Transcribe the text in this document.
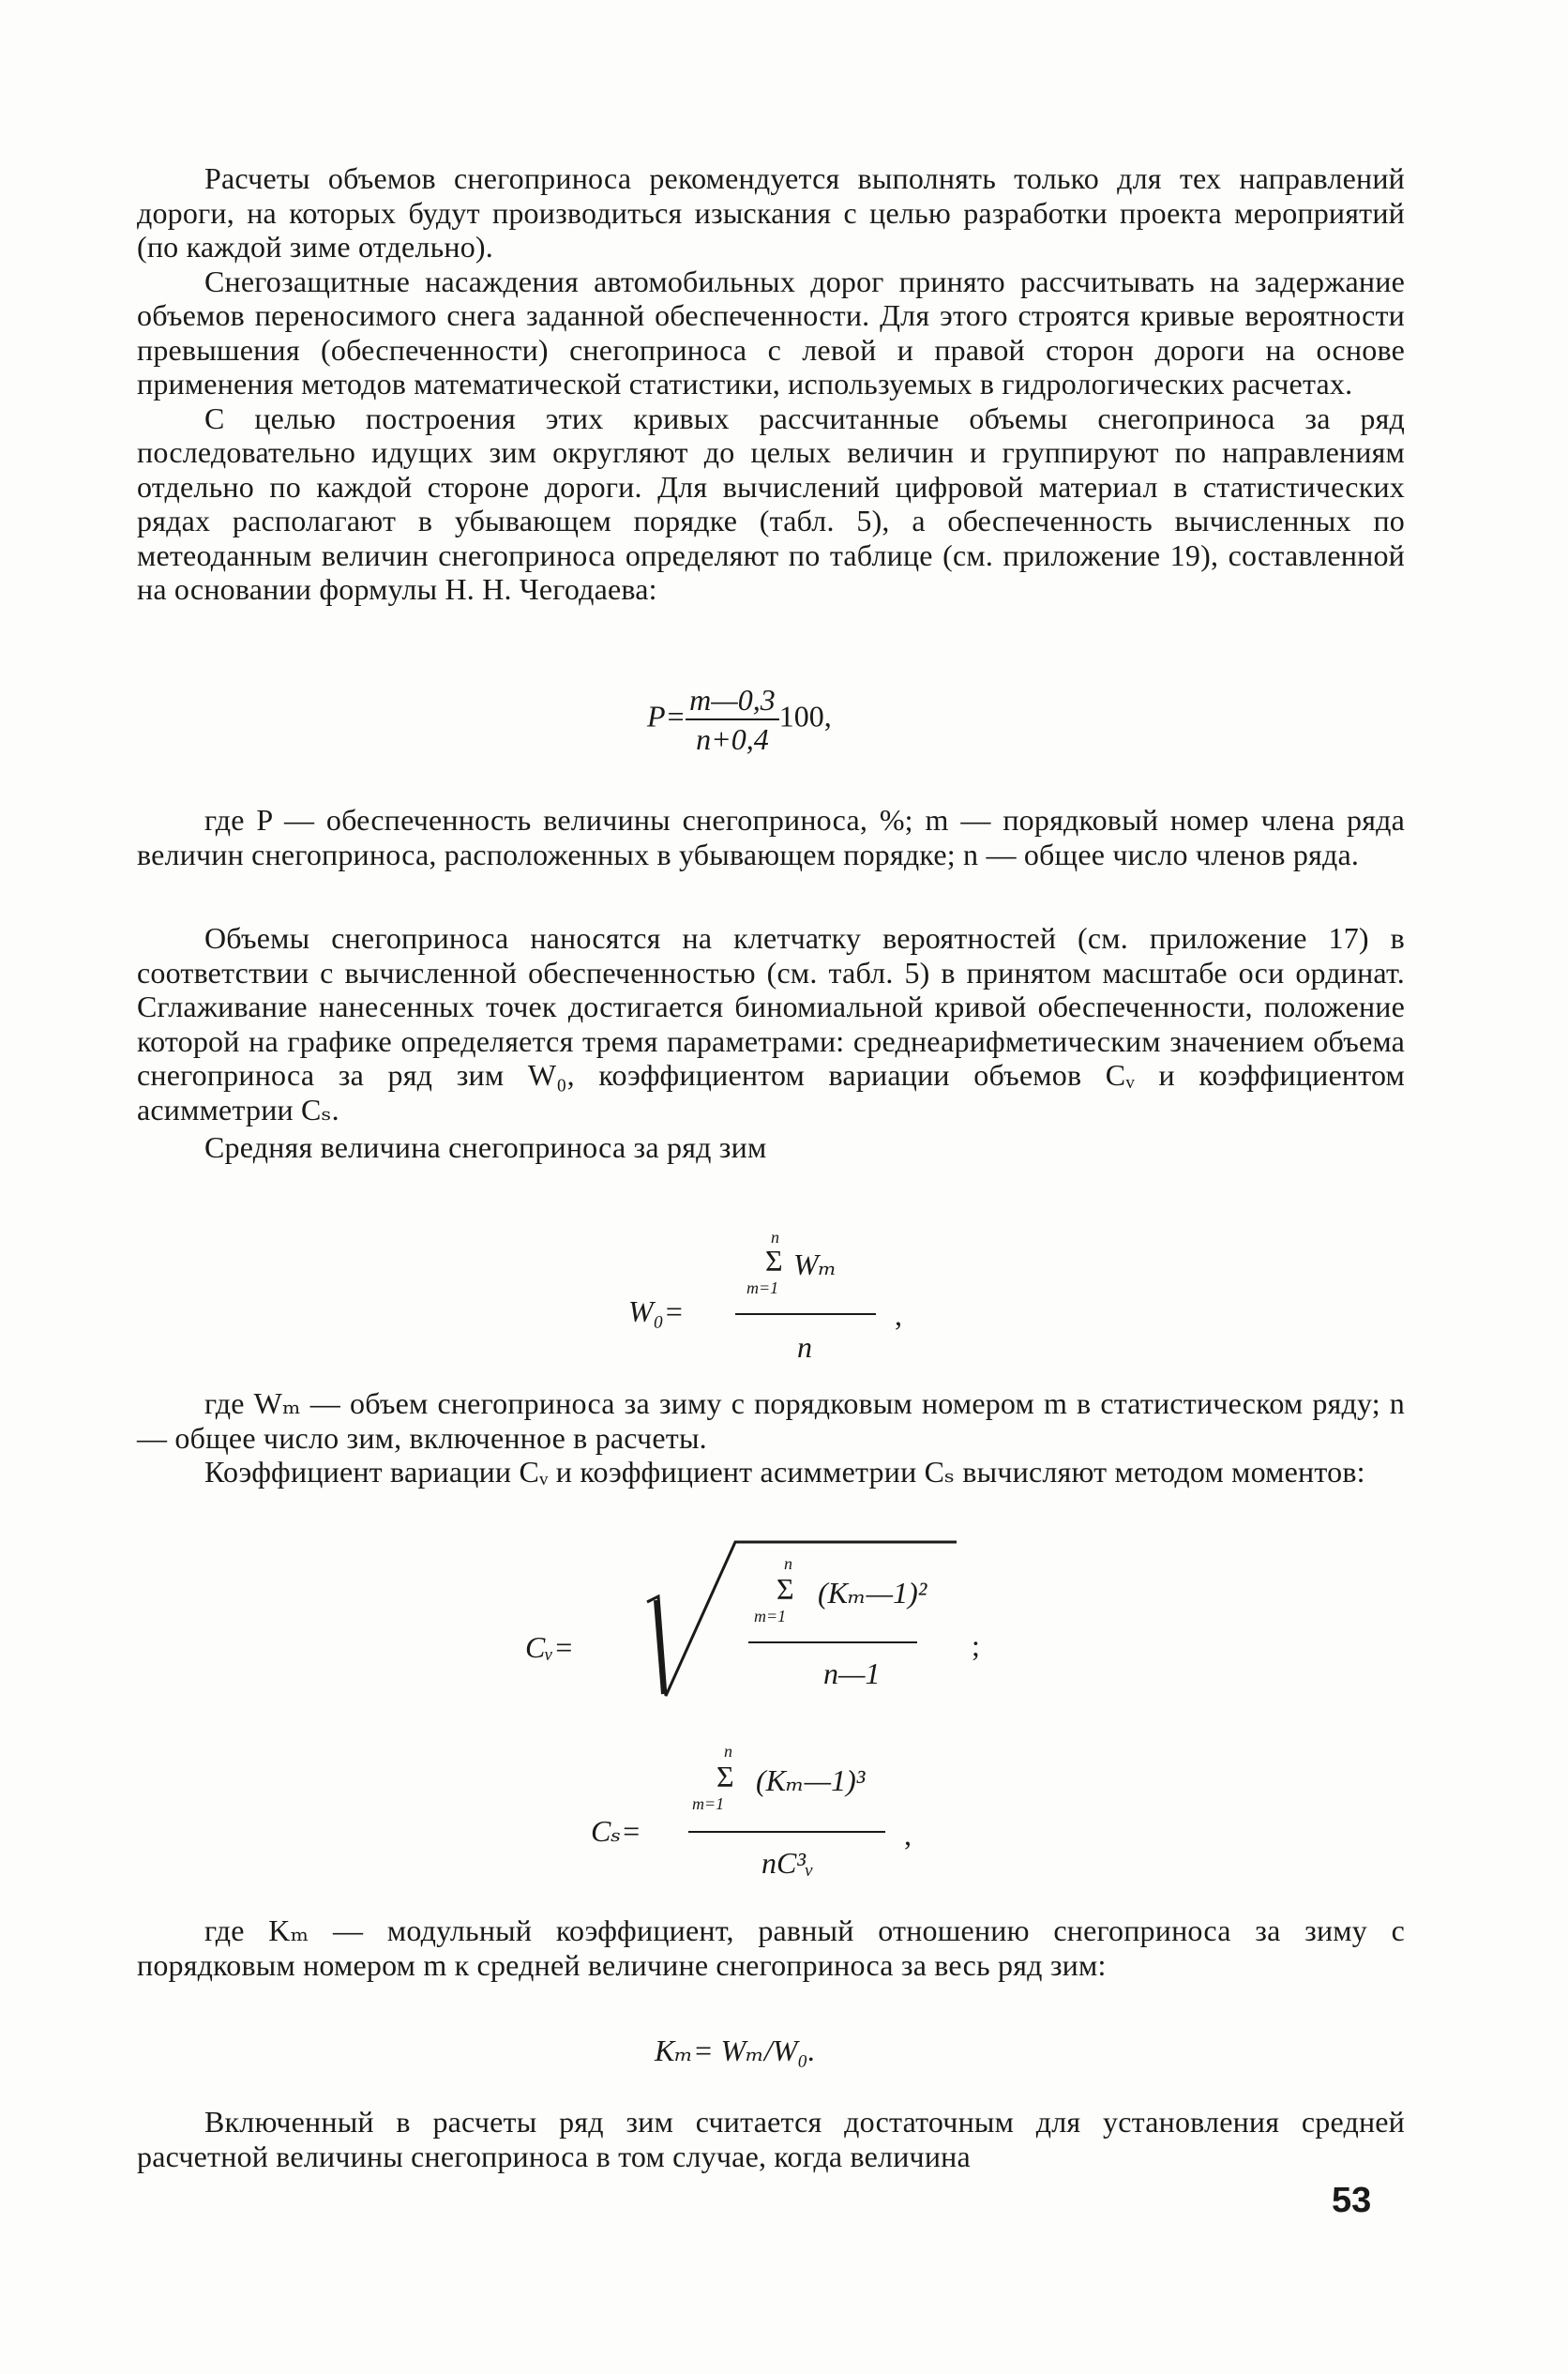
Расчеты объемов снегоприноса рекомендуется выполнять только для тех направлений дороги, на которых будут производиться изыскания с целью разработки проекта мероприятий (по каждой зиме отдельно).

Снегозащитные насаждения автомобильных дорог принято рассчитывать на задержание объемов переносимого снега заданной обеспеченности. Для этого строятся кривые вероятности превышения (обеспеченности) снегоприноса с левой и правой сторон дороги на основе применения методов математической статистики, используемых в гидрологических расчетах.

С целью построения этих кривых рассчитанные объемы снегоприноса за ряд последовательно идущих зим округляют до целых величин и группируют по направлениям отдельно по каждой стороне дороги. Для вычислений цифровой материал в статистических рядах располагают в убывающем порядке (табл. 5), а обеспеченность вычисленных по метеоданным величин снегоприноса определяют по таблице (см. приложение 19), составленной на основании формулы Н. Н. Чегодаева:

$P= \frac{m—0,3}{n+0,4} 100$,

где P — обеспеченность величины снегоприноса, %; m — порядковый номер члена ряда величин снегоприноса, расположенных в убывающем порядке; n — общее число членов ряда.

Объемы снегоприноса наносятся на клетчатку вероятностей (см. приложение 17) в соответствии с вычисленной обеспеченностью (см. табл. 5) в принятом масштабе оси ординат. Сглаживание нанесенных точек достигается биномиальной кривой обеспеченности, положение которой на графике определяется тремя параметрами: среднеарифметическим значением объема снегоприноса за ряд зим W₀, коэффициентом вариации объемов Cᵥ и коэффициентом асимметрии Cₛ.

Средняя величина снегоприноса за ряд зим

W₀=
n
Σ Wₘ
m=1
n
,

где Wₘ — объем снегоприноса за зиму с порядковым номером m в статистическом ряду; n — общее число зим, включенное в расчеты.

Коэффициент вариации Cᵥ и коэффициент асимметрии Cₛ вычисляют методом моментов:

Cᵥ=
n
Σ (Kₘ—1)²
m=1
n—1
;
Cₛ=
n
Σ (Kₘ—1)³
m=1
nC³ᵥ
,

где Kₘ — модульный коэффициент, равный отношению снегоприноса за зиму с порядковым номером m к средней величине снегоприноса за весь ряд зим:

Kₘ= Wₘ/W₀.

Включенный в расчеты ряд зим считается достаточным для установления средней расчетной величины снегоприноса в том случае, когда величина

53
